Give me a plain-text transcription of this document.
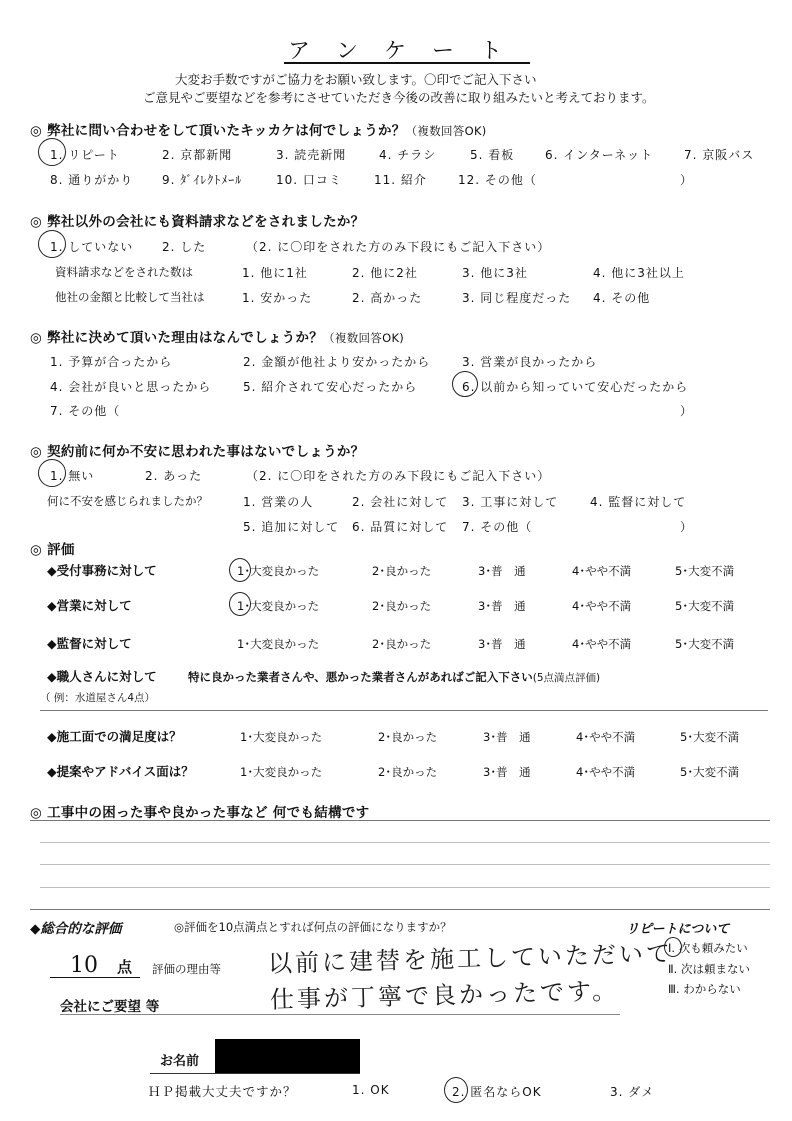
ア　ン　ケ　ー　ト
大変お手数ですがご協力をお願い致します。〇印でご記入下さい
ご意見やご要望などを参考にさせていただき今後の改善に取り組みたいと考えております。
◎ 弊社に問い合わせをして頂いたキッカケは何でしょうか？（複数回答OK)
1. リピート	2. 京都新聞	3. 読売新聞	4. チラシ	5. 看板	6. インターネット	7. 京阪バス
8. 通りがかり 9. ﾀﾞｲﾚｸﾄﾒｰﾙ	10. 口コミ	11. 紹介	12. その他（	）
◎ 弊社以外の会社にも資料請求などをされましたか？
1. していない 2. した	（2. に〇印をされた方のみ下段にもご記入下さい）
資料請求などをされた数は	1. 他に1社	2. 他に2社	3. 他に3社	4. 他に3社以上
他社の金額と比較して当社は	1. 安かった	2. 高かった	3. 同じ程度だった 4. その他
◎ 弊社に決めて頂いた理由はなんでしょうか？（複数回答OK)
1. 予算が合ったから	2. 金額が他社より安かったから	3. 営業が良かったから
4. 会社が良いと思ったから	5. 紹介されて安心だったから	6. 以前から知っていて安心だったから
7. その他（	）
◎ 契約前に何か不安に思われた事はないでしょうか？
1. 無い	2. あった	（2. に〇印をされた方のみ下段にもご記入下さい）
何に不安を感じられましたか？	1. 営業の人	2. 会社に対して 3. 工事に対して	4. 監督に対して
5. 追加に対して 6. 品質に対して 7. その他（	）
◎ 評価
◆受付事務に対して	1･大変良かった	2･良かった	3･普　通	4･やや不満	5･大変不満
◆営業に対して	1･大変良かった	2･良かった	3･普　通	4･やや不満	5･大変不満
◆監督に対して	1･大変良かった	2･良かった	3･普　通	4･やや不満	5･大変不満
◆職人さんに対して	特に良かった業者さんや、悪かった業者さんがあればご記入下さい(5点満点評価)
（ 例：水道屋さん4点）
◆施工面での満足度は？	1･大変良かった	2･良かった	3･普　通	4･やや不満	5･大変不満
◆提案やアドバイス面は？	1･大変良かった	2･良かった	3･普　通	4･やや不満	5･大変不満
◎ 工事中の困った事や良かった事など 何でも結構です
◆総合的な評価	◎評価を10点満点とすれば何点の評価になりますか？
10 点 評価の理由等 以前に建替を施工していただいて
仕事が丁寧で良かったです。
会社にご要望 等
リピートについて
Ⅰ. 次も頼みたい
Ⅱ. 次は頼まない
Ⅲ. わからない
お名前
ＨＰ掲載大丈夫ですか？	1. OK	2. 匿名ならOK	3. ダメ
